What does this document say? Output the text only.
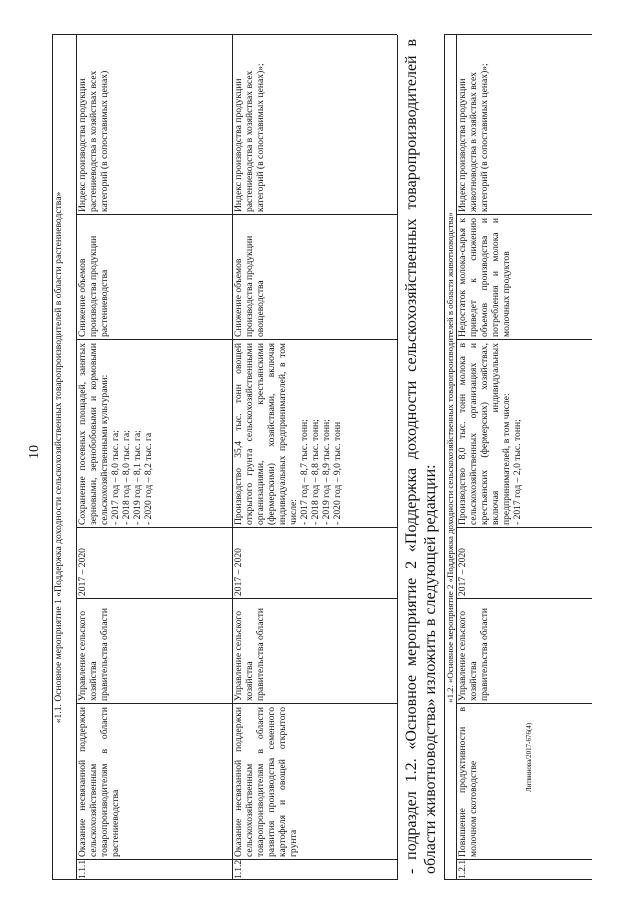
10
Литвинова/2017-676(4)
«1.1. Основное мероприятие 1 «Поддержка доходности сельскохозяйственных товаропроизводителей в области растениеводства»
1.1.1
Оказание несвязанной поддержки сельскохозяйственным товаропроизводителям в области растениеводства
Управление сельского хозяйства правительства области
2017 – 2020
Сохранение посевных площадей, занятых зерновыми, зернобобовыми и кормовыми сельскохозяйственными культурами:
- 2017 год – 8,0 тыс. га;
- 2018 год – 8,0 тыс. га;
- 2019 год – 8,1 тыс. га;
- 2020 год – 8,2 тыс. га
Снижение объемов производства продукции растениеводства
Индекс производства продукции растениеводства в хозяйствах всех категорий (в сопоставимых ценах)
1.1.2
Оказание несвязанной поддержки сельскохозяйственным товаропроизводителям в области развития производства семенного картофеля и овощей открытого грунта
Управление сельского хозяйства правительства области
2017 – 2020
Производство 35,4 тыс. тонн овощей открытого грунта сельскохозяйственными организациями, крестьянскими (фермерскими) хозяйствами, включая индивидуальных предпринимателей, в том числе:
- 2017 год – 8,7 тыс. тонн;
- 2018 год – 8,8 тыс. тонн;
- 2019 год – 8,9 тыс. тонн;
- 2020 год – 9,0 тыс. тонн
Снижение объемов производства продукции овощеводства
Индекс производства продукции растениеводства в хозяйствах всех категорий (в сопоставимых ценах)»;	- подраздел 1.2. «Основное мероприятие 2 «Поддержка доходности сельскохозяйственных товаропроизводителей в области животноводства» изложить в следующей редакции: «1.2. «Основное мероприятие 2 «Поддержка доходности сельскохозяйственных товаропроизводителей в области животноводства»
1.2.1
Повышение продуктивности в молочном скотоводстве
Управление сельского хозяйства правительства области
2017 – 2020
Производство 8,0 тыс. тонн молока в сельскохозяйственных организациях и крестьянских (фермерских) хозяйствах, включая индивидуальных предпринимателей, в том числе:
- 2017 год – 2,0 тыс. тонн;
Недостаток молока-сырья к приведет к снижению объемов производства и потребления и молока и молочных продуктов
Индекс производства продукции животноводства в хозяйствах всех категорий (в сопоставимых ценах)»;
